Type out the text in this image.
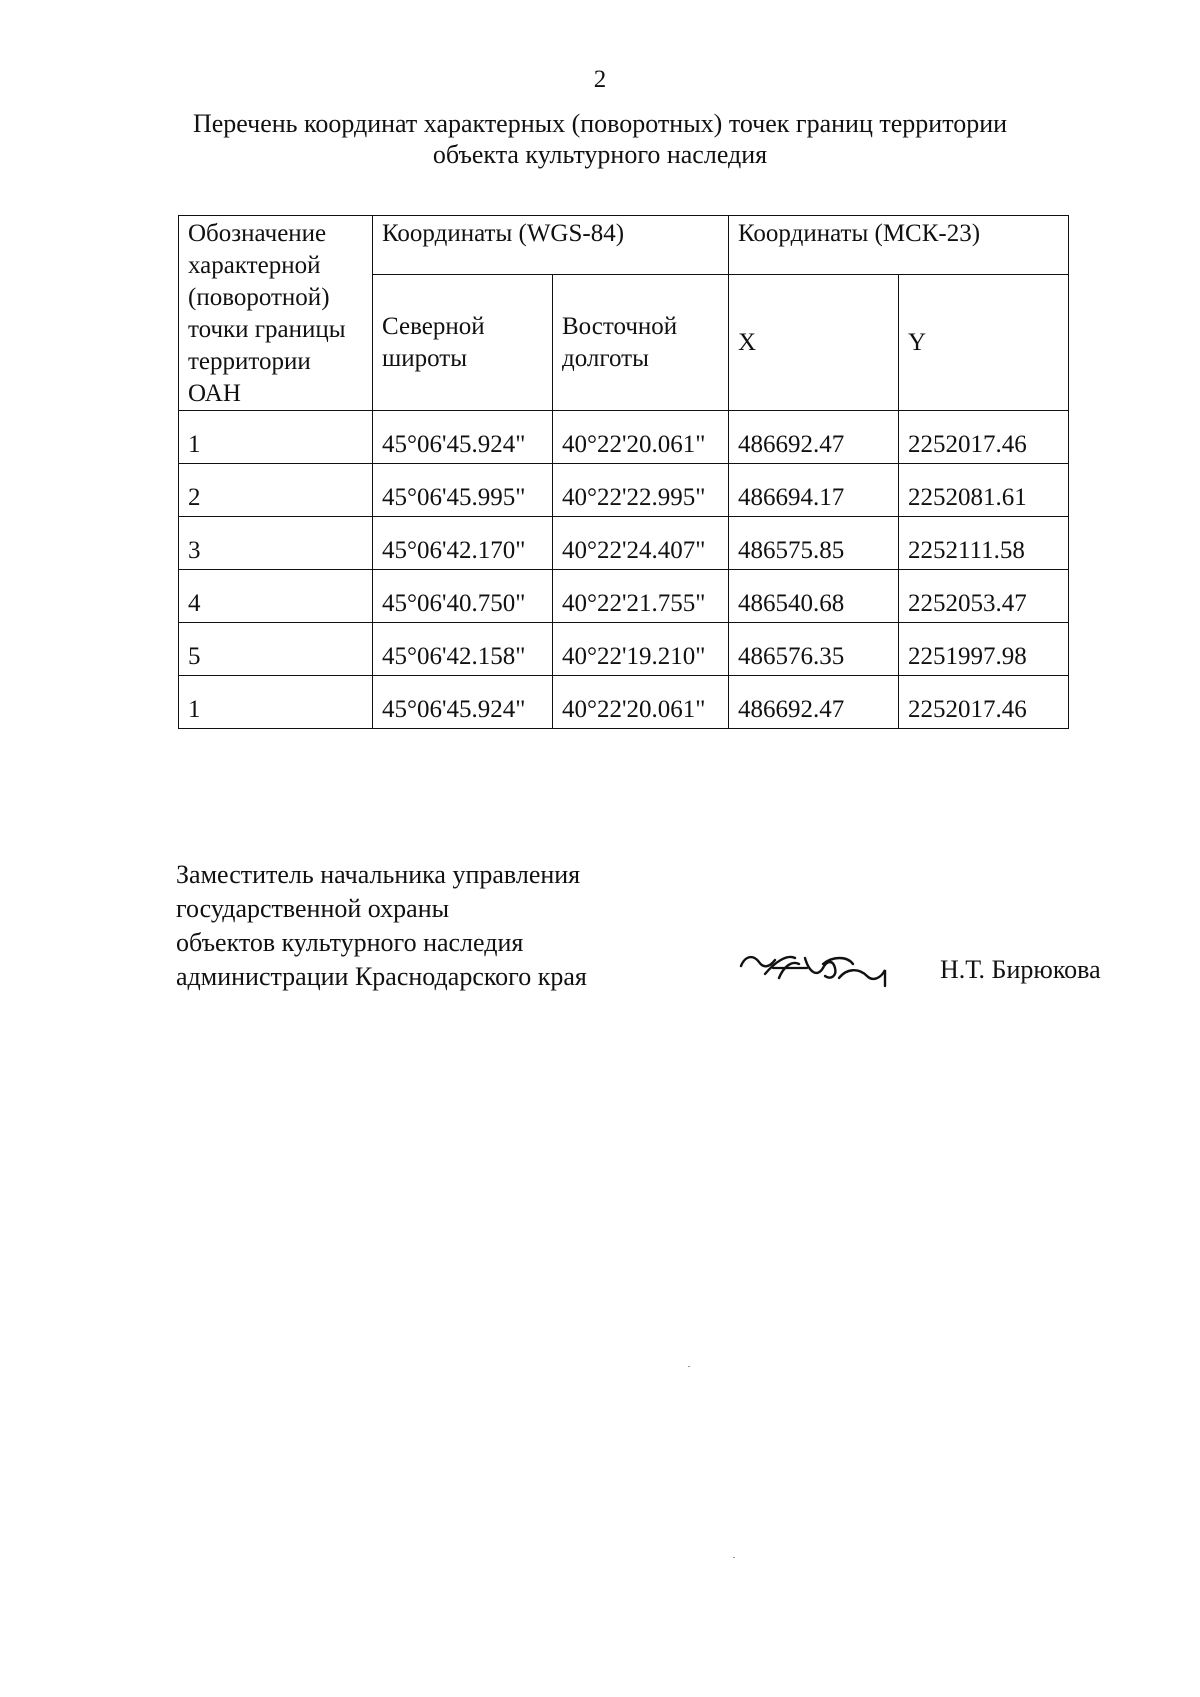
2
Перечень координат характерных (поворотных) точек границ территории
объекта культурного наследия
Обозначение характерной (поворотной) точки границы территории ОАН	Координаты (WGS-84)		Координаты (МСК-23)	
	Северной широты	Восточной долготы	X	Y
1	45°06'45.924"	40°22'20.061"	486692.47	2252017.46
2	45°06'45.995"	40°22'22.995"	486694.17	2252081.61
3	45°06'42.170"	40°22'24.407"	486575.85	2252111.58
4	45°06'40.750"	40°22'21.755"	486540.68	2252053.47
5	45°06'42.158"	40°22'19.210"	486576.35	2251997.98
1	45°06'45.924"	40°22'20.061"	486692.47	2252017.46
Заместитель начальника управления
государственной охраны
объектов культурного наследия
администрации Краснодарского края	Н.Т. Бирюкова
